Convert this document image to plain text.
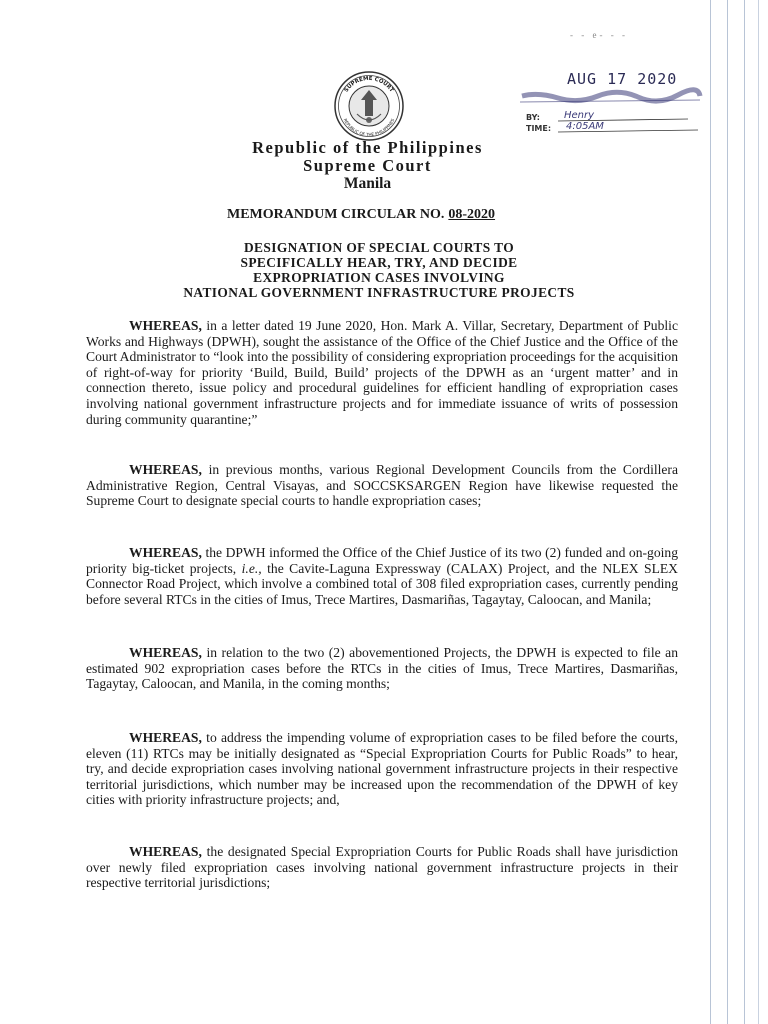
- - e- - -
SUPREME COURT
REPUBLIC OF THE PHILIPPINES
AUG 17 2020
BY:
TIME:
Henry
4:05AM
Republic of the Philippines
Supreme Court
Manila
MEMORANDUM CIRCULAR NO. 08-2020
DESIGNATION OF SPECIAL COURTS TO
SPECIFICALLY HEAR, TRY, AND DECIDE
EXPROPRIATION CASES INVOLVING
NATIONAL GOVERNMENT INFRASTRUCTURE PROJECTS
WHEREAS, in a letter dated 19 June 2020, Hon. Mark A. Villar, Secretary, Department of Public Works and Highways (DPWH), sought the assistance of the Office of the Chief Justice and the Office of the Court Administrator to “look into the possibility of considering expropriation proceedings for the acquisition of right-of-way for priority ‘Build, Build, Build’ projects of the DPWH as an ‘urgent matter’ and in connection thereto, issue policy and procedural guidelines for efficient handling of expropriation cases involving national government infrastructure projects and for immediate issuance of writs of possession during community quarantine;”
WHEREAS, in previous months, various Regional Development Councils from the Cordillera Administrative Region, Central Visayas, and SOCCSKSARGEN Region have likewise requested the Supreme Court to designate special courts to handle expropriation cases;
WHEREAS, the DPWH informed the Office of the Chief Justice of its two (2) funded and on-going priority big-ticket projects, i.e., the Cavite-Laguna Expressway (CALAX) Project, and the NLEX SLEX Connector Road Project, which involve a combined total of 308 filed expropriation cases, currently pending before several RTCs in the cities of Imus, Trece Martires, Dasmariñas, Tagaytay, Caloocan, and Manila;
WHEREAS, in relation to the two (2) abovementioned Projects, the DPWH is expected to file an estimated 902 expropriation cases before the RTCs in the cities of Imus, Trece Martires, Dasmariñas, Tagaytay, Caloocan, and Manila, in the coming months;
WHEREAS, to address the impending volume of expropriation cases to be filed before the courts, eleven (11) RTCs may be initially designated as “Special Expropriation Courts for Public Roads” to hear, try, and decide expropriation cases involving national government infrastructure projects in their respective territorial jurisdictions, which number may be increased upon the recommendation of the DPWH of key cities with priority infrastructure projects; and,
WHEREAS, the designated Special Expropriation Courts for Public Roads shall have jurisdiction over newly filed expropriation cases involving national government infrastructure projects in their respective territorial jurisdictions;
